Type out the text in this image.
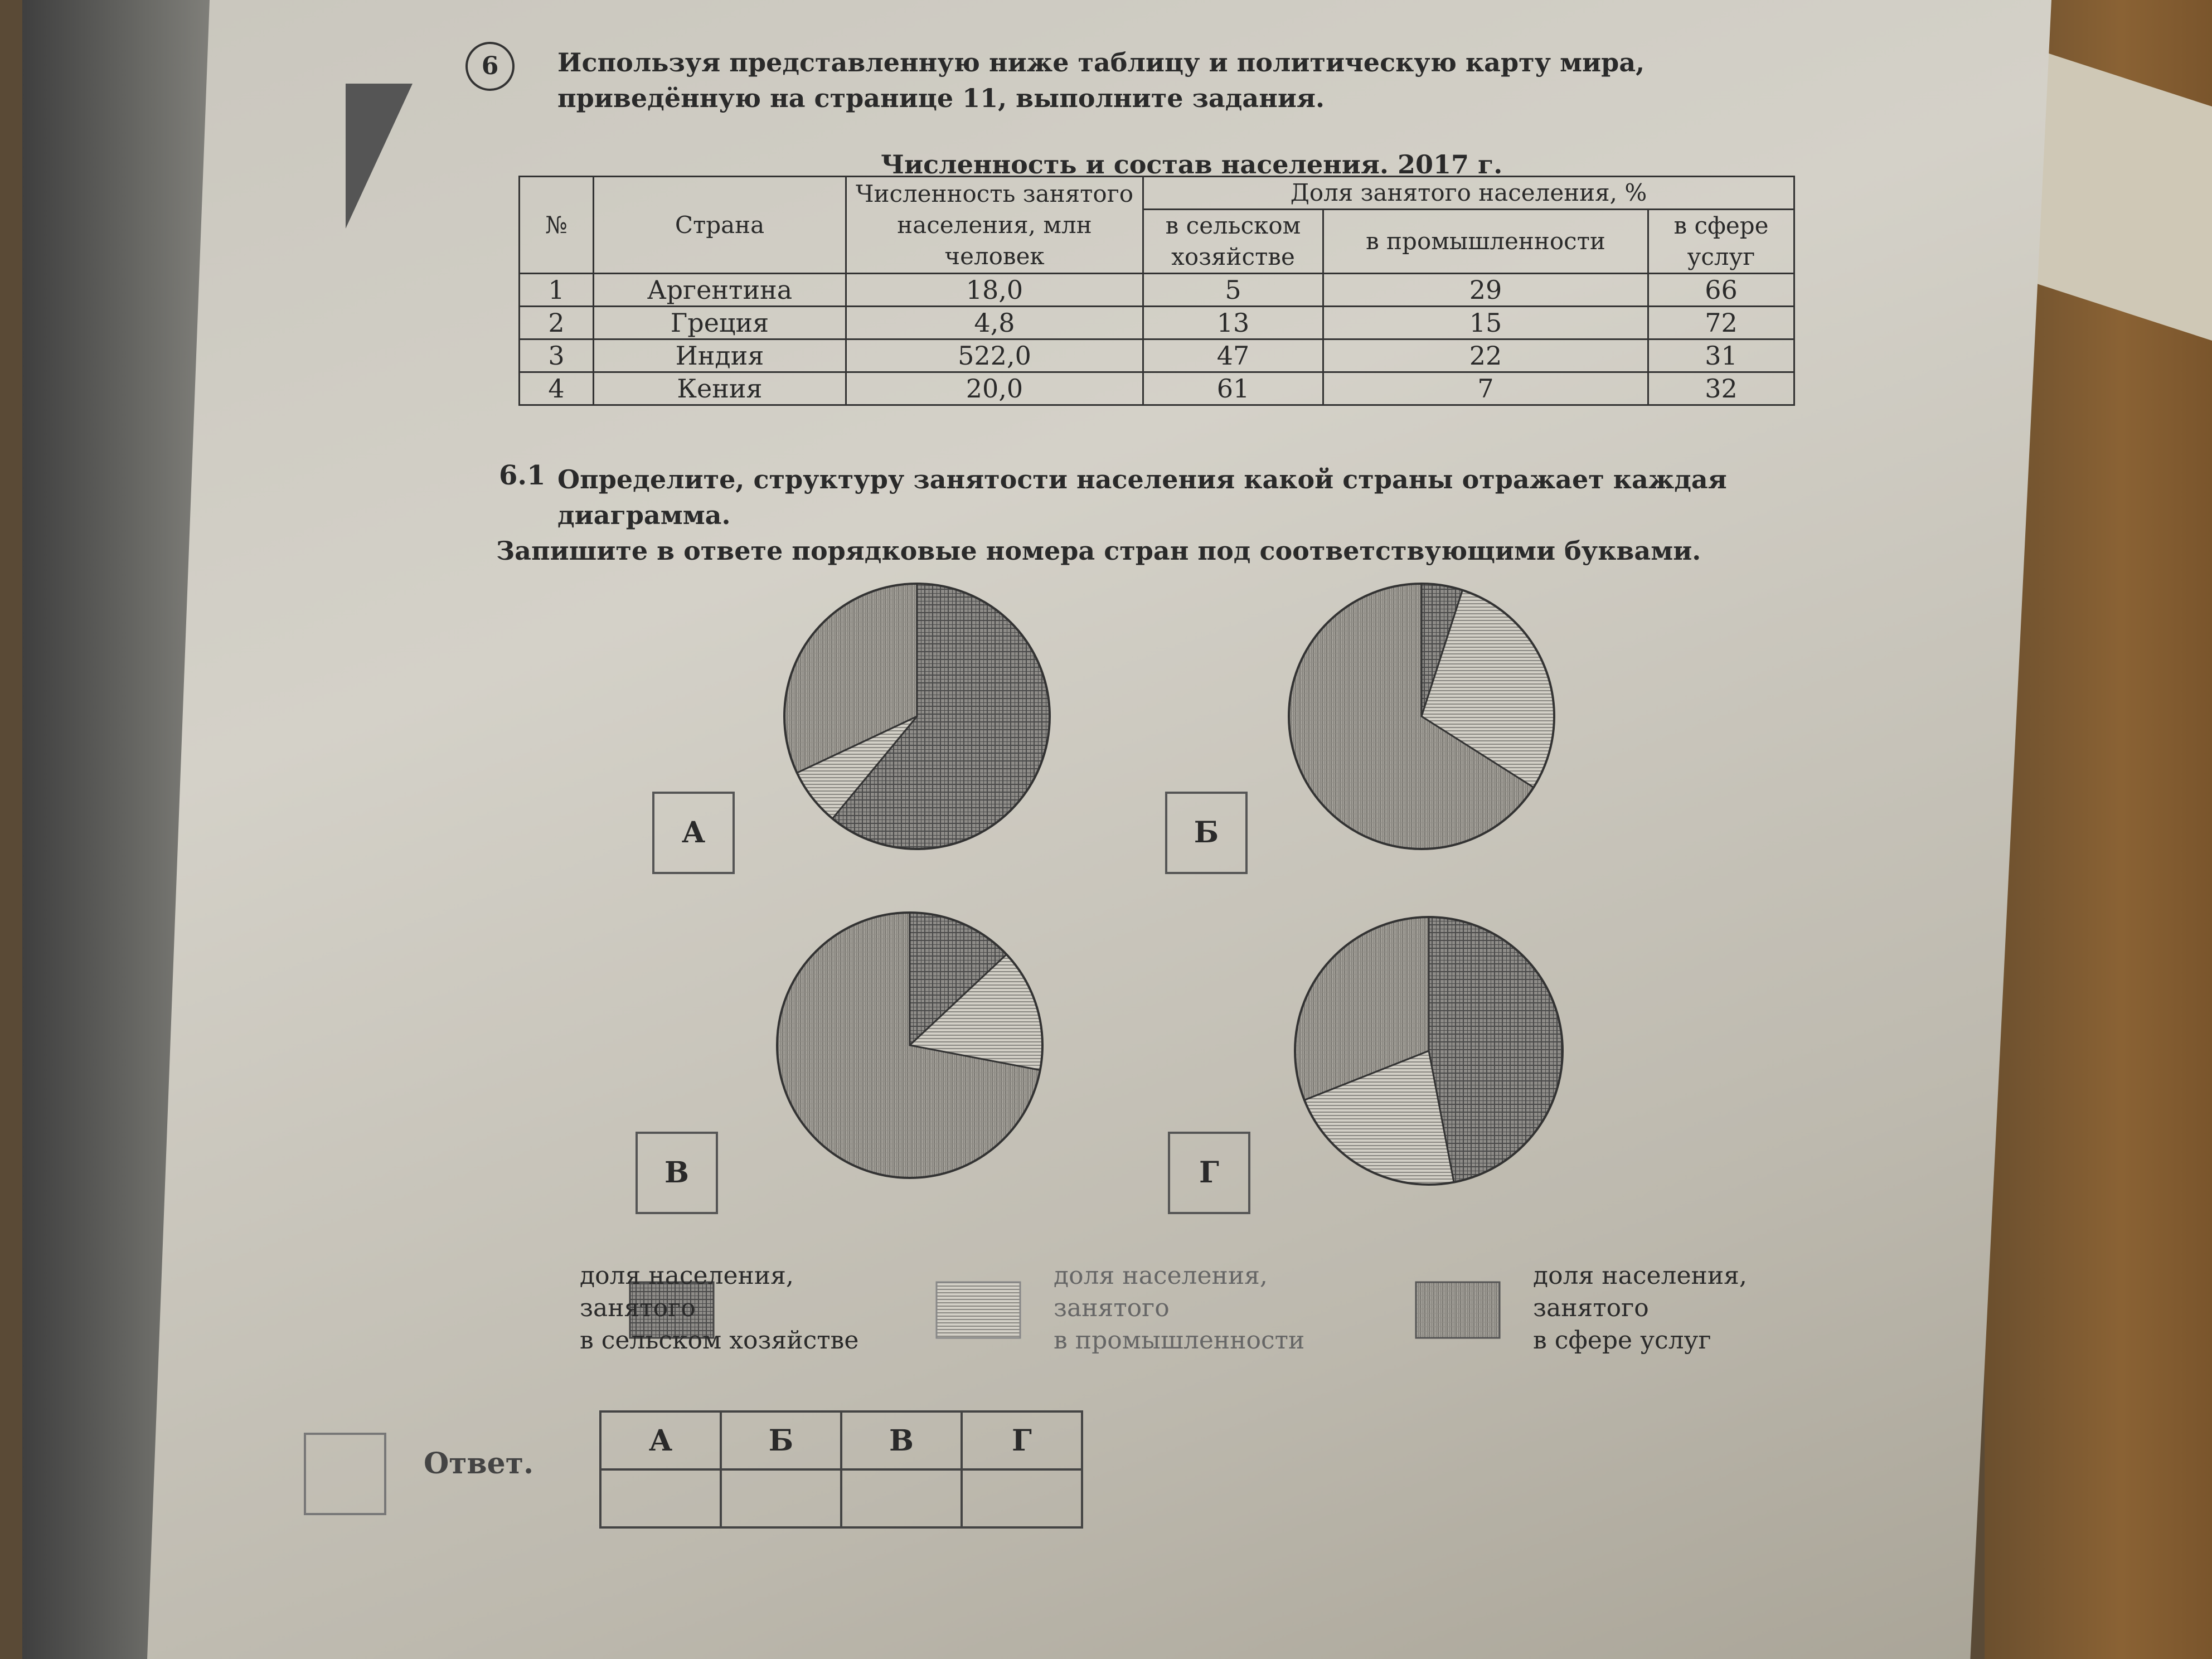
6	Используя представленную ниже таблицу и политическую карту мира, приведённую на странице 11, выполните задания.
Численность и состав населения. 2017 г.
№	Страна	Численность занятого населения, млн человек	Доля занятого населения, %		
			в сельском хозяйстве	в промышленности	в сфере услуг
1	Аргентина	18,0	5	29	66
2	Греция	4,8	13	15	72
3	Индия	522,0	47	22	31
4	Кения	20,0	61	7	32
6.1 Определите, структуру занятости населения какой страны отражает каждая диаграмма.
Запишите в ответе порядковые номера стран под соответствующими буквами.
А	Б
В	Г
доля населения,
занятого
в сельском хозяйстве
доля населения,
занятого
в промышленности
доля населения,
занятого
в сфере услуг
Ответ.
А	Б	В	Г
